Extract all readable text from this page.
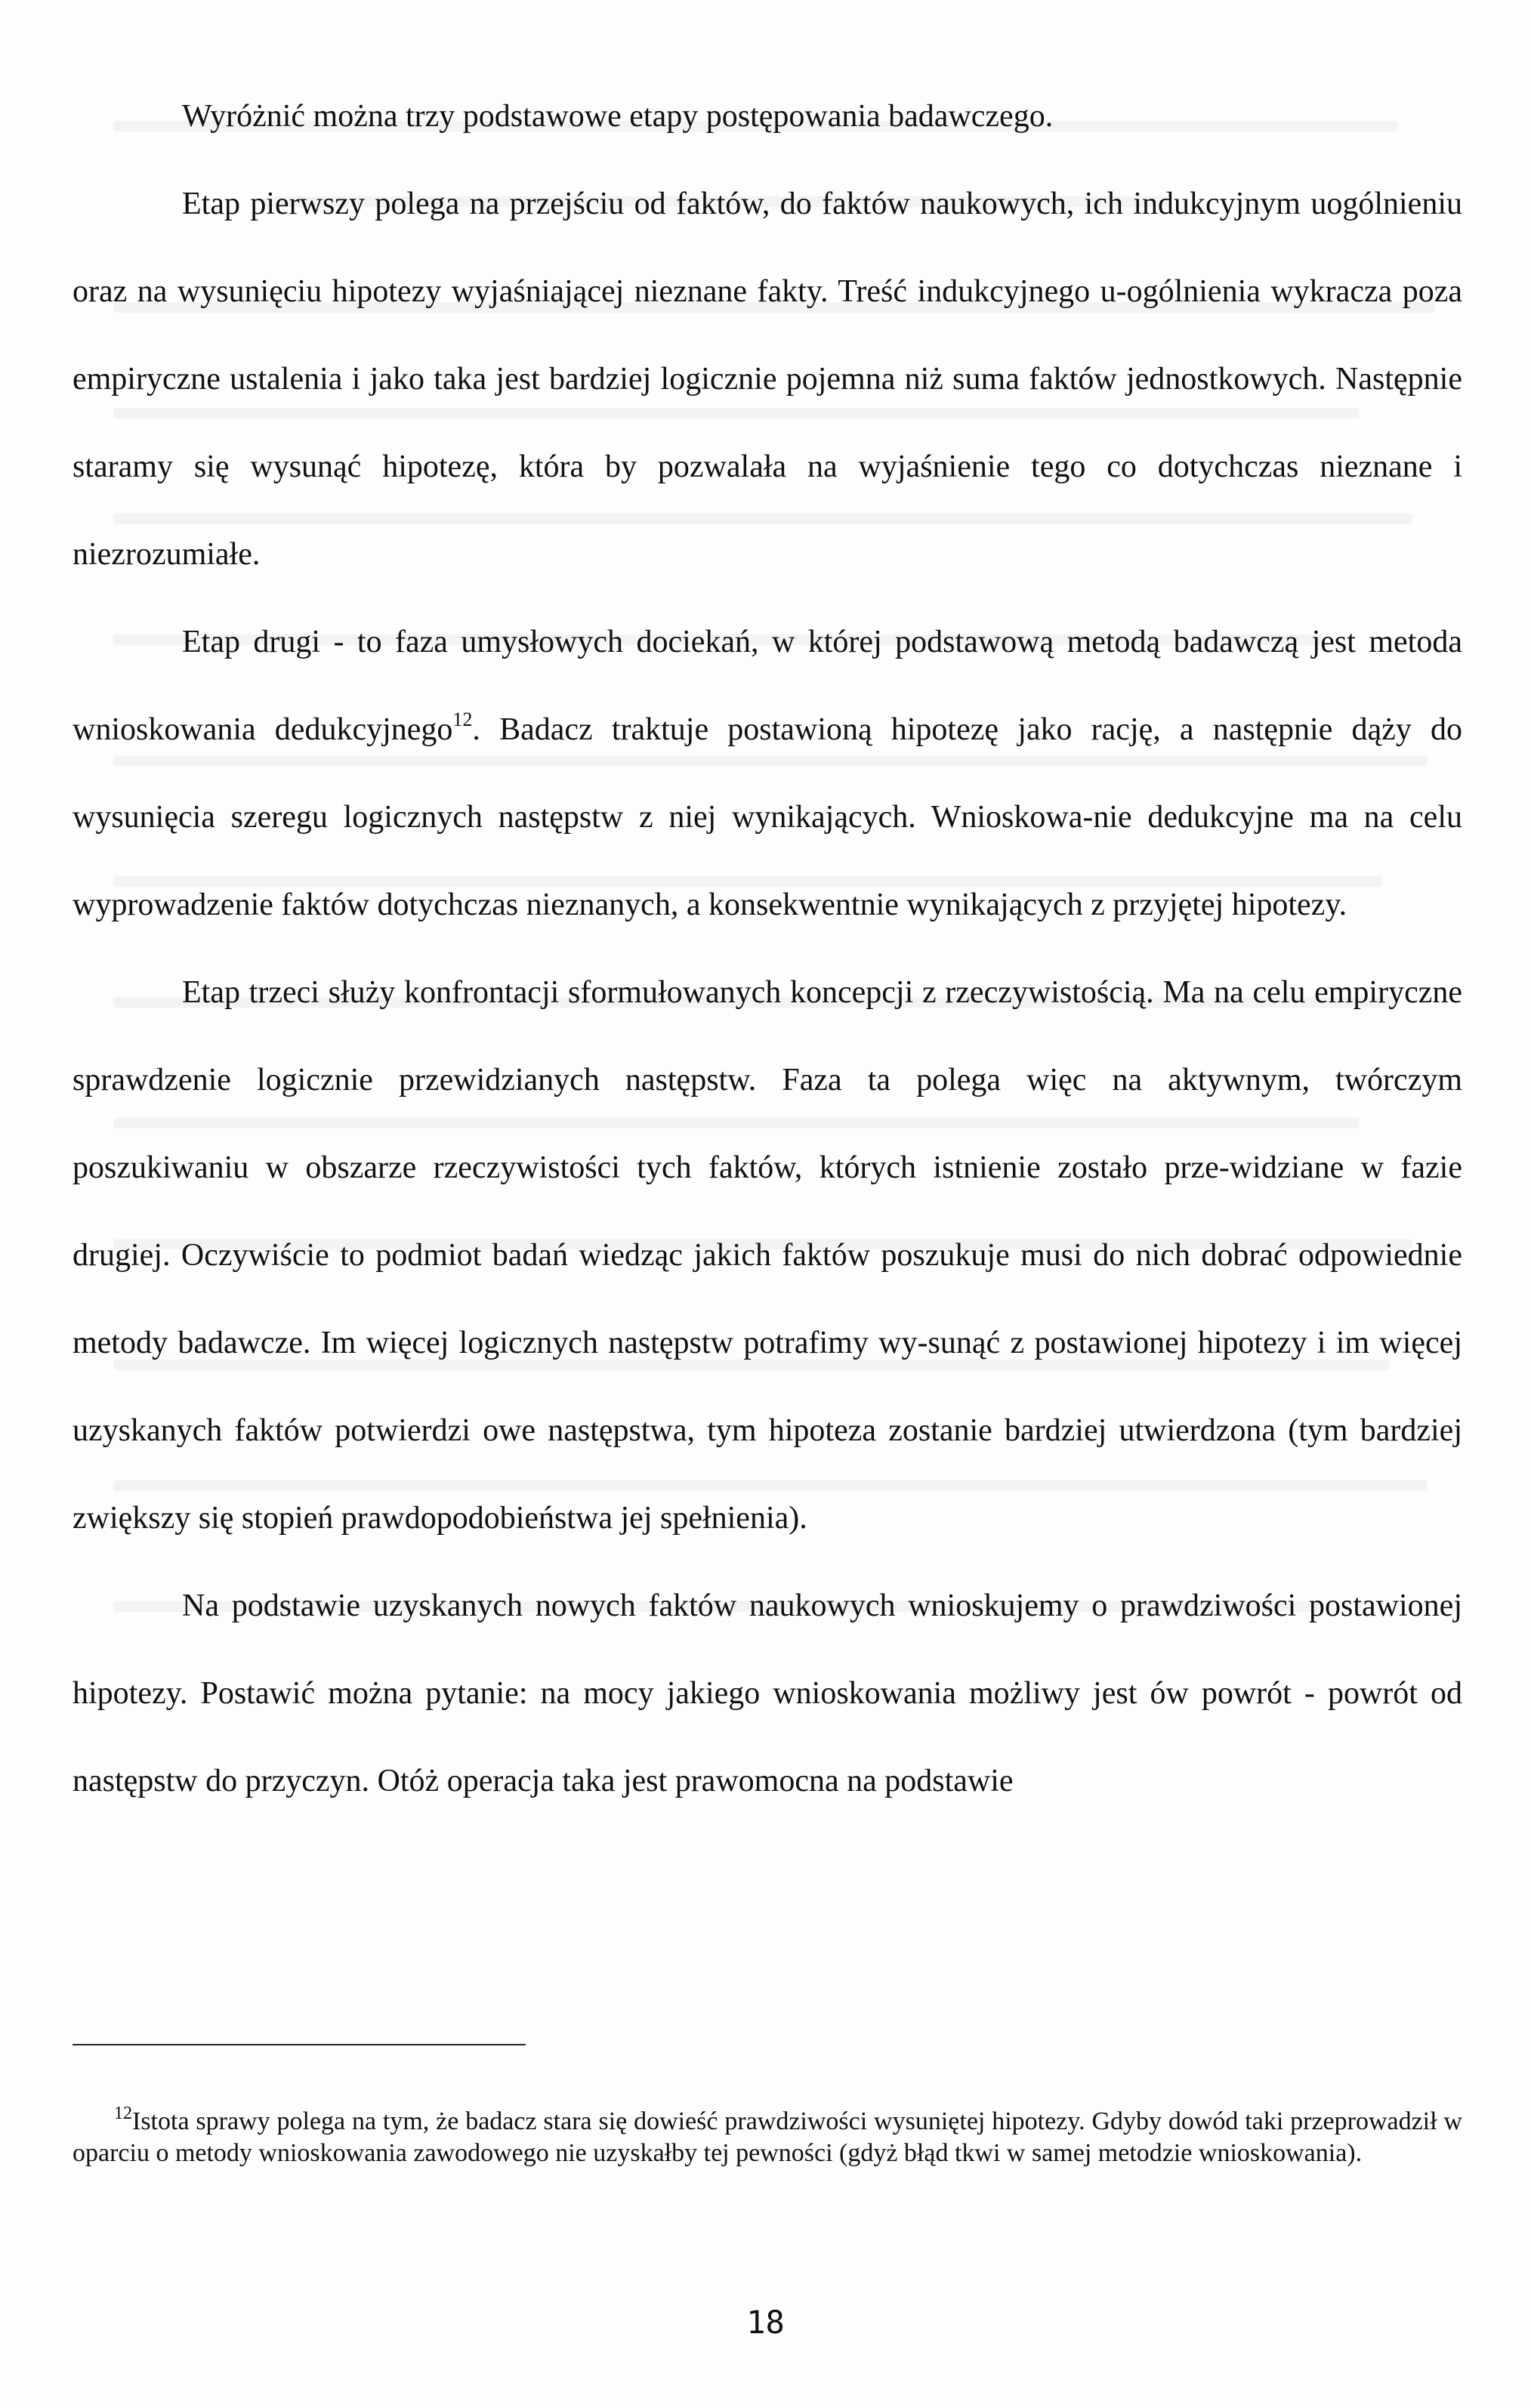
Wyróżnić można trzy podstawowe etapy postępowania badawczego.

Etap pierwszy polega na przejściu od faktów, do faktów naukowych, ich indukcyjnym uogólnieniu oraz na wysunięciu hipotezy wyjaśniającej nieznane fakty. Treść indukcyjnego u-ogólnienia wykracza poza empiryczne ustalenia i jako taka jest bardziej logicznie pojemna niż suma faktów jednostkowych. Następnie staramy się wysunąć hipotezę, która by pozwalała na wyjaśnienie tego co dotychczas nieznane i niezrozumiałe.

Etap drugi - to faza umysłowych dociekań, w której podstawową metodą badawczą jest metoda wnioskowania dedukcyjnego$^{12}$. Badacz traktuje postawioną hipotezę jako rację, a następnie dąży do wysunięcia szeregu logicznych następstw z niej wynikających. Wnioskowa-nie dedukcyjne ma na celu wyprowadzenie faktów dotychczas nieznanych, a konsekwentnie wynikających z przyjętej hipotezy.

Etap trzeci służy konfrontacji sformułowanych koncepcji z rzeczywistością. Ma na celu empiryczne sprawdzenie logicznie przewidzianych następstw. Faza ta polega więc na aktywnym, twórczym poszukiwaniu w obszarze rzeczywistości tych faktów, których istnienie zostało prze-widziane w fazie drugiej. Oczywiście to podmiot badań wiedząc jakich faktów poszukuje musi do nich dobrać odpowiednie metody badawcze. Im więcej logicznych następstw potrafimy wy-sunąć z postawionej hipotezy i im więcej uzyskanych faktów potwierdzi owe następstwa, tym hipoteza zostanie bardziej utwierdzona (tym bardziej zwiększy się stopień prawdopodobieństwa jej spełnienia).

Na podstawie uzyskanych nowych faktów naukowych wnioskujemy o prawdziwości postawionej hipotezy. Postawić można pytanie: na mocy jakiego wnioskowania możliwy jest ów powrót - powrót od następstw do przyczyn. Otóż operacja taka jest prawomocna na podstawie

$^{12}$Istota sprawy polega na tym, że badacz stara się dowieść prawdziwości wysuniętej hipotezy. Gdyby dowód taki przeprowadził w oparciu o metody wnioskowania zawodowego nie uzyskałby tej pewności (gdyż błąd tkwi w samej metodzie wnioskowania).

18
